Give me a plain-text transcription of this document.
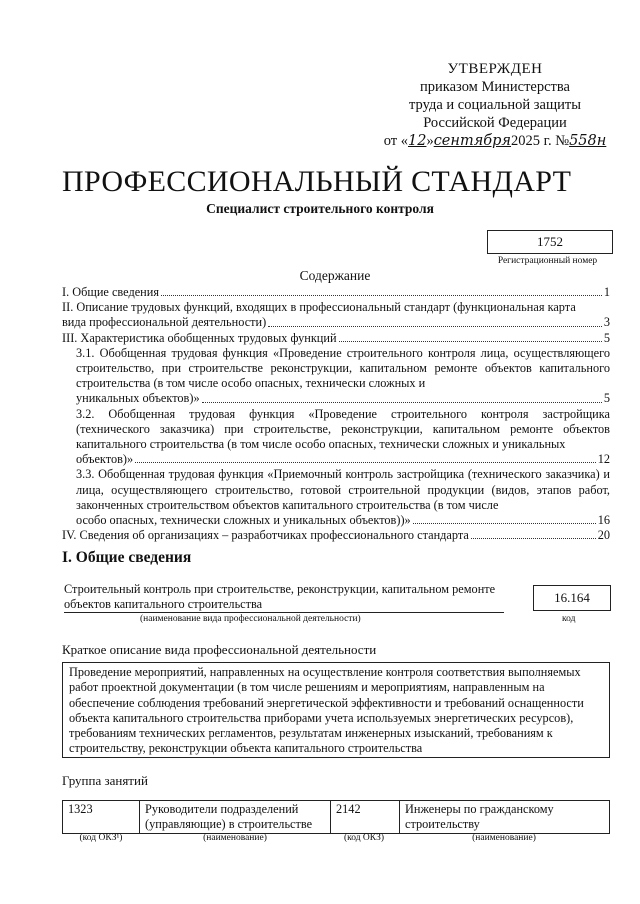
УТВЕРЖДЕН
приказом Министерства
труда и социальной защиты
Российской Федерации
от «12»сентября2025 г. №558н
ПРОФЕССИОНАЛЬНЫЙ СТАНДАРТ
Специалист строительного контроля
1752
Регистрационный номер
Содержание
I. Общие сведения	1
II. Описание трудовых функций, входящих в профессиональный стандарт (функциональная карта
вида профессиональной деятельности)	3
III. Характеристика обобщенных трудовых функций	5
3.1. Обобщенная трудовая функция «Проведение строительного контроля лица, осуществляющего строительство, при строительстве реконструкции, капитальном ремонте объектов капитального строительства (в том числе особо опасных, технически сложных и
уникальных объектов)»	5
3.2. Обобщенная трудовая функция «Проведение строительного контроля застройщика (технического заказчика) при строительстве, реконструкции, капитальном ремонте объектов капитального строительства (в том числе особо опасных, технически сложных и уникальных
объектов)»	12
3.3. Обобщенная трудовая функция «Приемочный контроль застройщика (технического заказчика) и лица, осуществляющего строительство, готовой строительной продукции (видов, этапов работ, законченных строительством объектов капитального строительства (в том числе
особо опасных, технически сложных и уникальных объектов))»	16
IV. Сведения об организациях – разработчиках профессионального стандарта	20
I. Общие сведения
Строительный контроль при строительстве, реконструкции, капитальном ремонте объектов капитального строительства	16.164
(наименование вида профессиональной деятельности)	код
Краткое описание вида профессиональной деятельности
Проведение мероприятий, направленных на осуществление контроля соответствия выполняемых работ проектной документации (в том числе решениям и мероприятиям, направленным на обеспечение соблюдения требований энергетической эффективности и требований оснащенности объекта капитального строительства приборами учета используемых энергетических ресурсов), требованиям технических регламентов, результатам инженерных изысканий, требованиям к строительству, реконструкции объекта капитального строительства
Группа занятий
1323	Руководители подразделений (управляющие) в строительстве	2142	Инженеры по гражданскому строительству
(код ОКЗ¹)	(наименование)	(код ОКЗ)	(наименование)
